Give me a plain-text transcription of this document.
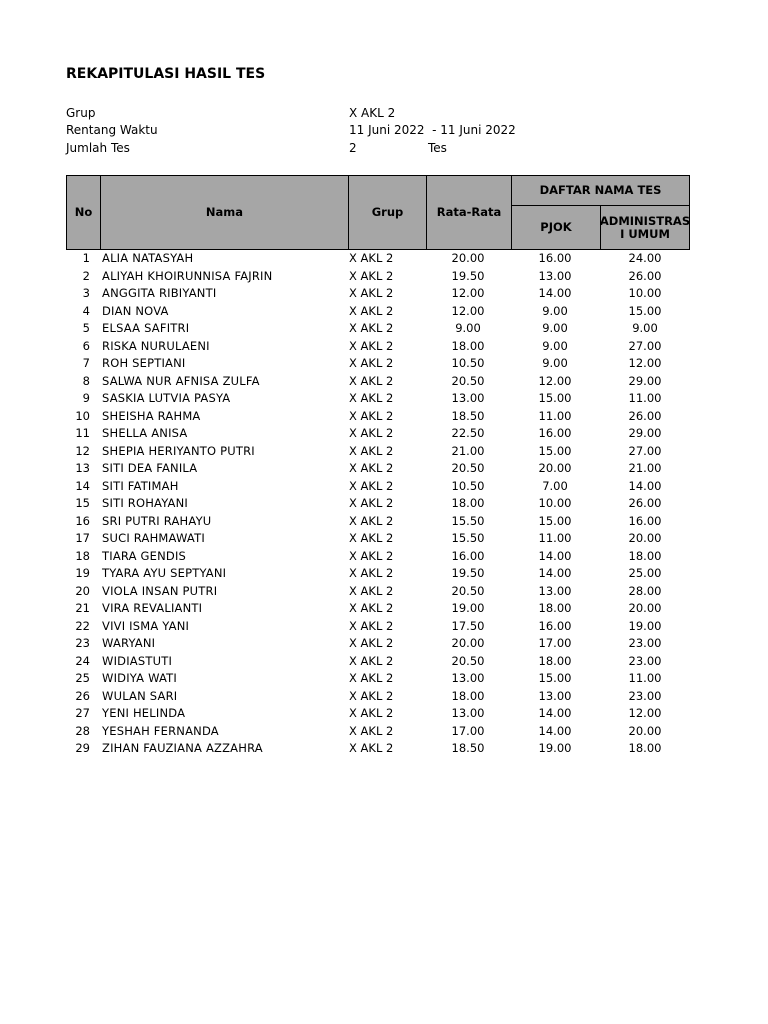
REKAPITULASI HASIL TES
Grup	X AKL 2
Rentang Waktu	11 Juni 2022  - 11 Juni 2022
Jumlah Tes	2	Tes
No	Nama	Grup	Rata-Rata
DAFTAR NAMA TES
PJOK	ADMINISTRAS I UMUM
1 ALIA NATASYAH	X AKL 2	20.00	16.00	24.00
2 ALIYAH KHOIRUNNISA FAJRIN	X AKL 2	19.50	13.00	26.00
3 ANGGITA RIBIYANTI	X AKL 2	12.00	14.00	10.00
4 DIAN NOVA	X AKL 2	12.00	9.00	15.00
5 ELSAA SAFITRI	X AKL 2	9.00	9.00	9.00
6 RISKA NURULAENI	X AKL 2	18.00	9.00	27.00
7 ROH SEPTIANI	X AKL 2	10.50	9.00	12.00
8 SALWA NUR AFNISA ZULFA	X AKL 2	20.50	12.00	29.00
9 SASKIA LUTVIA PASYA	X AKL 2	13.00	15.00	11.00
10 SHEISHA RAHMA	X AKL 2	18.50	11.00	26.00
11 SHELLA ANISA	X AKL 2	22.50	16.00	29.00
12 SHEPIA HERIYANTO PUTRI	X AKL 2	21.00	15.00	27.00
13 SITI DEA FANILA	X AKL 2	20.50	20.00	21.00
14 SITI FATIMAH	X AKL 2	10.50	7.00	14.00
15 SITI ROHAYANI	X AKL 2	18.00	10.00	26.00
16 SRI PUTRI RAHAYU	X AKL 2	15.50	15.00	16.00
17 SUCI RAHMAWATI	X AKL 2	15.50	11.00	20.00
18 TIARA GENDIS	X AKL 2	16.00	14.00	18.00
19 TYARA AYU SEPTYANI	X AKL 2	19.50	14.00	25.00
20 VIOLA INSAN PUTRI	X AKL 2	20.50	13.00	28.00
21 VIRA REVALIANTI	X AKL 2	19.00	18.00	20.00
22 VIVI ISMA YANI	X AKL 2	17.50	16.00	19.00
23 WARYANI	X AKL 2	20.00	17.00	23.00
24 WIDIASTUTI	X AKL 2	20.50	18.00	23.00
25 WIDIYA WATI	X AKL 2	13.00	15.00	11.00
26 WULAN SARI	X AKL 2	18.00	13.00	23.00
27 YENI HELINDA	X AKL 2	13.00	14.00	12.00
28 YESHAH FERNANDA	X AKL 2	17.00	14.00	20.00
29 ZIHAN FAUZIANA AZZAHRA	X AKL 2	18.50	19.00	18.00
